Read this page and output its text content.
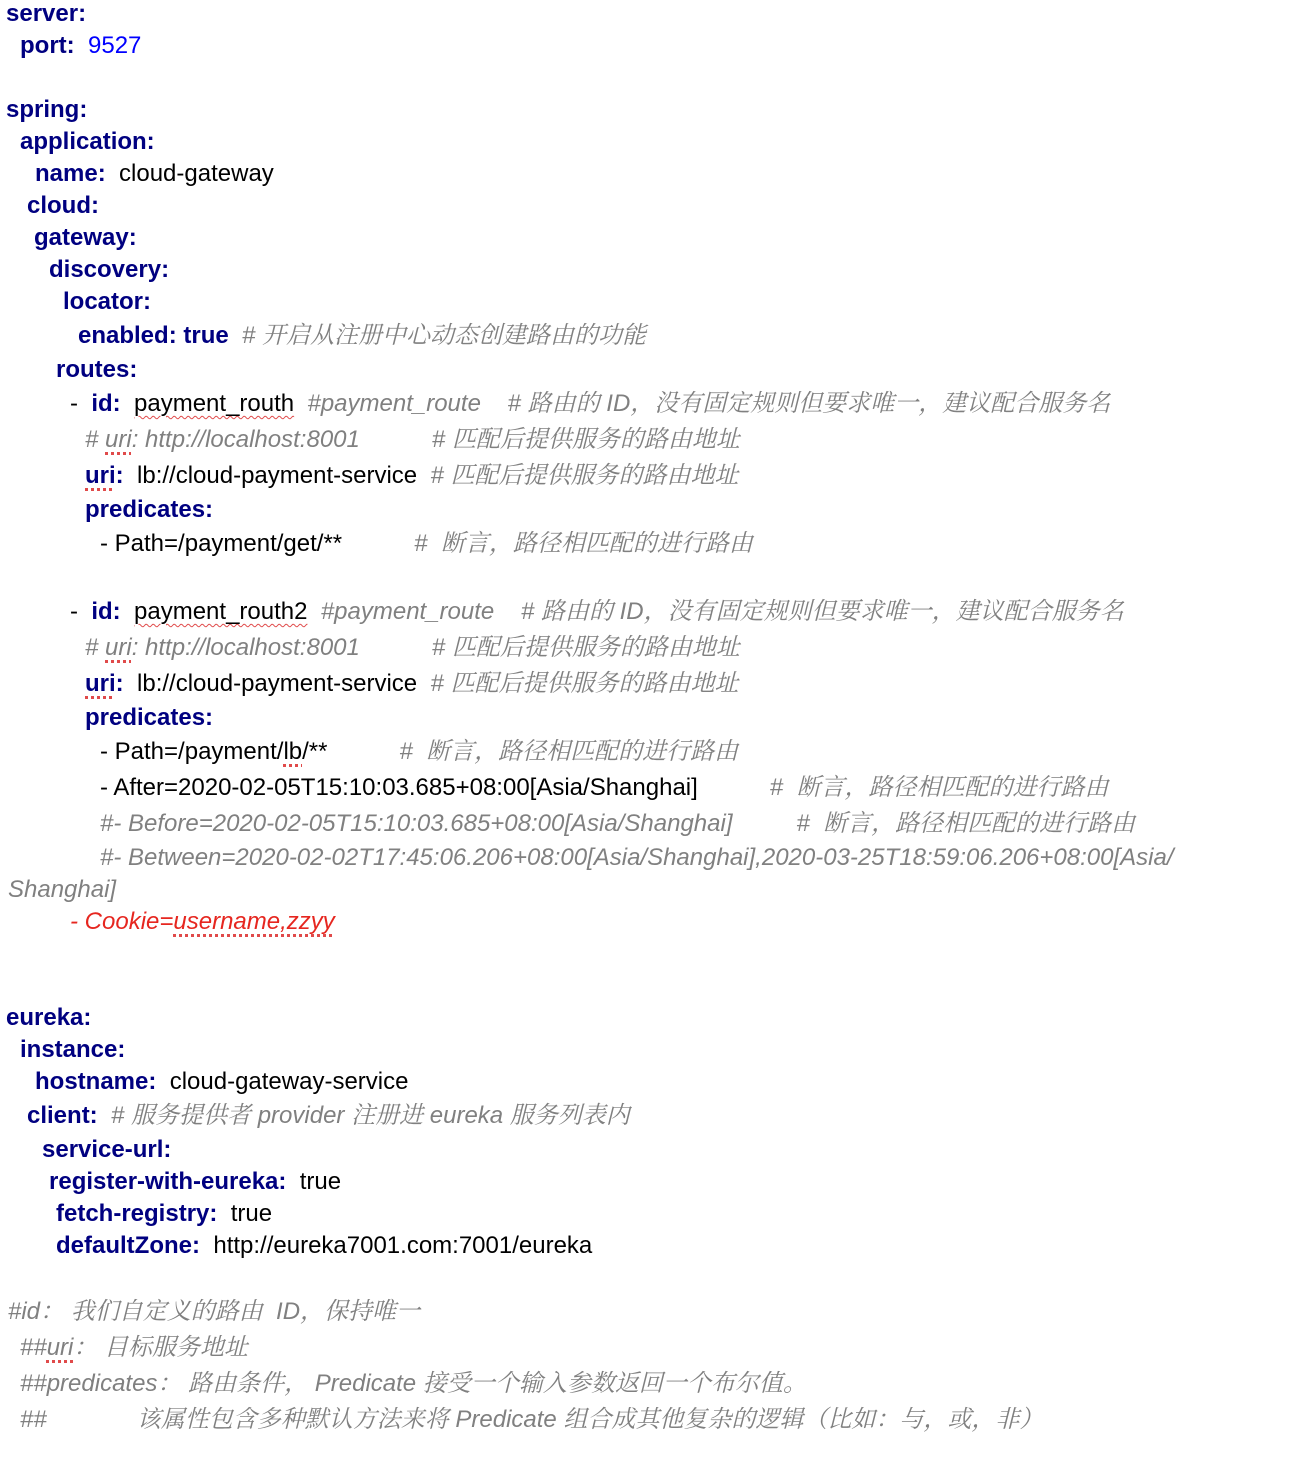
server:
port: 9527
spring:
application:
name: cloud-gateway
cloud:
gateway:
discovery:
locator:
enabled: true # 开启从注册中心动态创建路由的功能
routes:
- id: payment_routh #payment_route # 路由的 ID，没有固定规则但要求唯一，建议配合服务名
# uri: http://localhost:8001	# 匹配后提供服务的路由地址
uri: lb://cloud-payment-service # 匹配后提供服务的路由地址
predicates:
- Path=/payment/get/**	#  断言，路径相匹配的进行路由
- id: payment_routh2 #payment_route # 路由的 ID，没有固定规则但要求唯一，建议配合服务名
# uri: http://localhost:8001	# 匹配后提供服务的路由地址
uri: lb://cloud-payment-service # 匹配后提供服务的路由地址
predicates:
- Path=/payment/lb/**	#  断言，路径相匹配的进行路由
- After=2020-02-05T15:10:03.685+08:00[Asia/Shanghai]	#  断言，路径相匹配的进行路由
#- Before=2020-02-05T15:10:03.685+08:00[Asia/Shanghai]	#  断言，路径相匹配的进行路由
#- Between=2020-02-02T17:45:06.206+08:00[Asia/Shanghai],2020-03-25T18:59:06.206+08:00[Asia/
Shanghai]
- Cookie=username,zzyy
eureka:
instance:
hostname: cloud-gateway-service
client: # 服务提供者 provider 注册进 eureka 服务列表内
service-url:
register-with-eureka: true
fetch-registry: true
defaultZone: http://eureka7001.com:7001/eureka
#id： 我们自定义的路由  ID，保持唯一
##uri： 目标服务地址
##predicates： 路由条件， Predicate 接受一个输入参数返回一个布尔值。
##	该属性包含多种默认方法来将 Predicate 组合成其他复杂的逻辑（比如：与，或，非）
